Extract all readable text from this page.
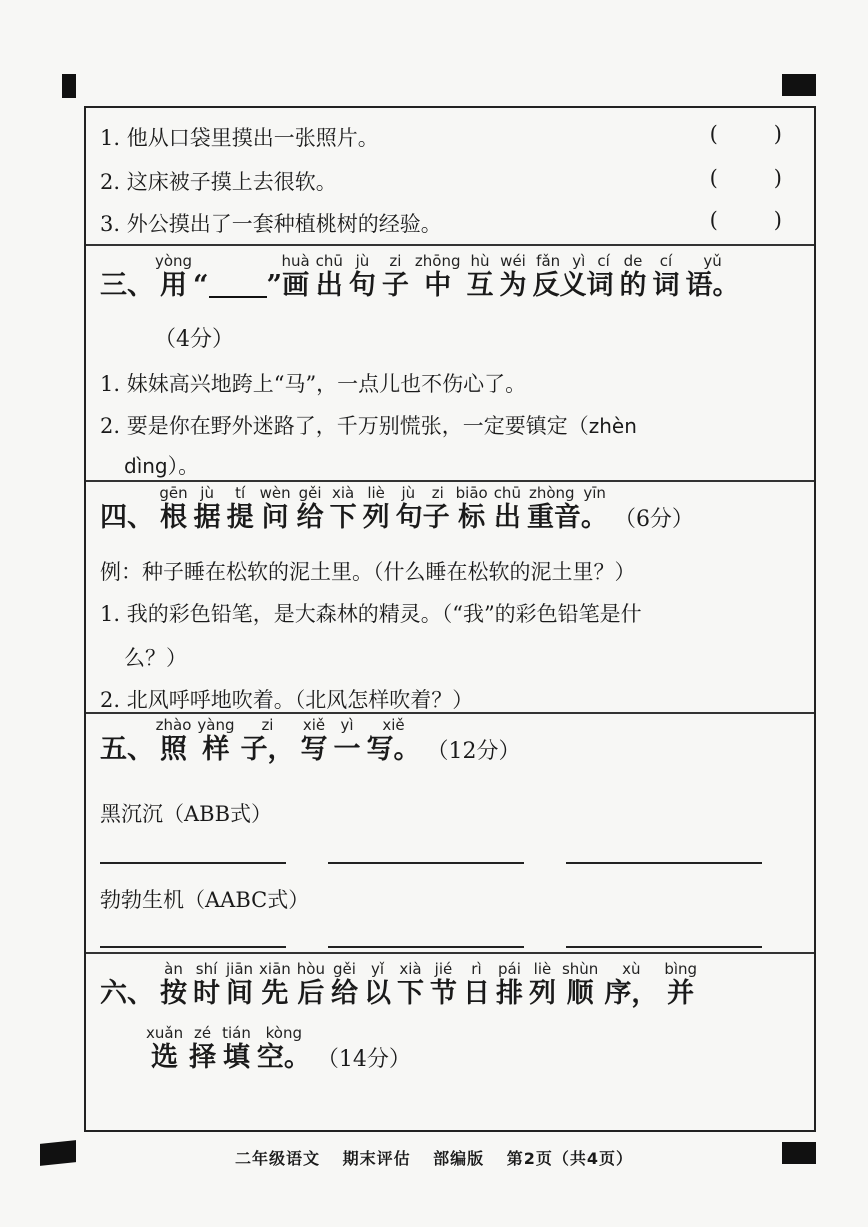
1. 他从口袋里摸出一张照片。	(	)
2. 这床被子摸上去很软。	(	)
3. 外公摸出了一套种植桃树的经验。	(	)
三、用yòng“ ”画huà出chū句jù子zi中zhōng互hù为wéi反义词fǎn yì cí的de词cí语。yǔ
（4分）
1. 妹妹高兴地跨上“马”，一点儿也不伤心了。
2. 要是你在野外迷路了，千万别慌张，一定要镇定（zhèn
dìng）。
四、 根gēn据jù提tí问wèn给gěi下xià列liè句子jù zi标biāo出chū重音。zhòng yīn（6分）
例：种子睡在松软的泥土里。（什么睡在松软的泥土里？）
1. 我的彩色铅笔，是大森林的精灵。（“我”的彩色铅笔是什
么？）
2. 北风呼呼地吹着。（北风怎样吹着？）
五、照zhào样yàng子，zi写xiě一yì写。xiě（12分）
黑沉沉（ABB式）
勃勃生机（AABC式）
六、 按àn时shí间jiān先xiān后hòu给gěi以yǐ下xià节jié日rì排pái列liè顺shùn序，xù并bìng
选xuǎn择zé填tián空。kòng（14分）
二年级语文 期末评估 部编版 第2页（共4页）
